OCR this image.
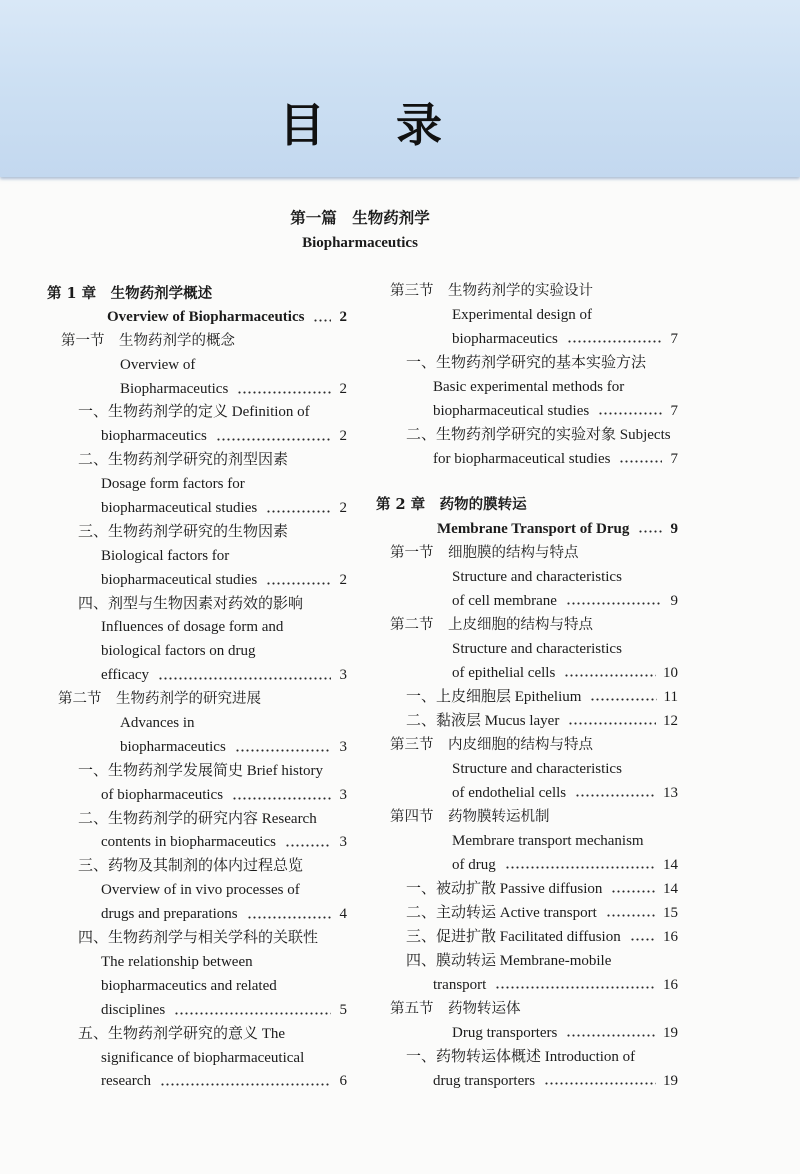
目录
第一篇　生物药剂学
Biopharmaceutics
第 1 章　生物药剂学概述
Overview of Biopharmaceutics 2
第一节　生物药剂学的概念
Overview of
Biopharmaceutics	2
一、生物药剂学的定义 Definition of
biopharmaceutics	2
二、生物药剂学研究的剂型因素
Dosage form factors for
biopharmaceutical studies	2
三、生物药剂学研究的生物因素
Biological factors for
biopharmaceutical studies	2
四、剂型与生物因素对药效的影响
Influences of dosage form and
biological factors on drug
efficacy	3
第二节　生物药剂学的研究进展
Advances in
biopharmaceutics	3
一、生物药剂学发展简史 Brief history
of biopharmaceutics	3
二、生物药剂学的研究内容 Research
contents in biopharmaceutics	3
三、药物及其制剂的体内过程总览
Overview of in vivo processes of
drugs and preparations	4
四、生物药剂学与相关学科的关联性
The relationship between
biopharmaceutics and related
disciplines	5
五、生物药剂学研究的意义 The
significance of biopharmaceutical
research	6
第三节　生物药剂学的实验设计
Experimental design of
biopharmaceutics	7
一、生物药剂学研究的基本实验方法
Basic experimental methods for
biopharmaceutical studies	7
二、生物药剂学研究的实验对象 Subjects
for biopharmaceutical studies	7
第 2 章　药物的膜转运
Membrane Transport of Drug	9
第一节　细胞膜的结构与特点
Structure and characteristics
of cell membrane	9
第二节　上皮细胞的结构与特点
Structure and characteristics
of epithelial cells	10
一、上皮细胞层 Epithelium	11
二、黏液层 Mucus layer	12
第三节　内皮细胞的结构与特点
Structure and characteristics
of endothelial cells	13
第四节　药物膜转运机制
Membrare transport mechanism
of drug	14
一、被动扩散 Passive diffusion	14
二、主动转运 Active transport	15
三、促进扩散 Facilitated diffusion	16
四、膜动转运 Membrane-mobile
transport	16
第五节　药物转运体
Drug transporters	19
一、药物转运体概述 Introduction of
drug transporters	19
